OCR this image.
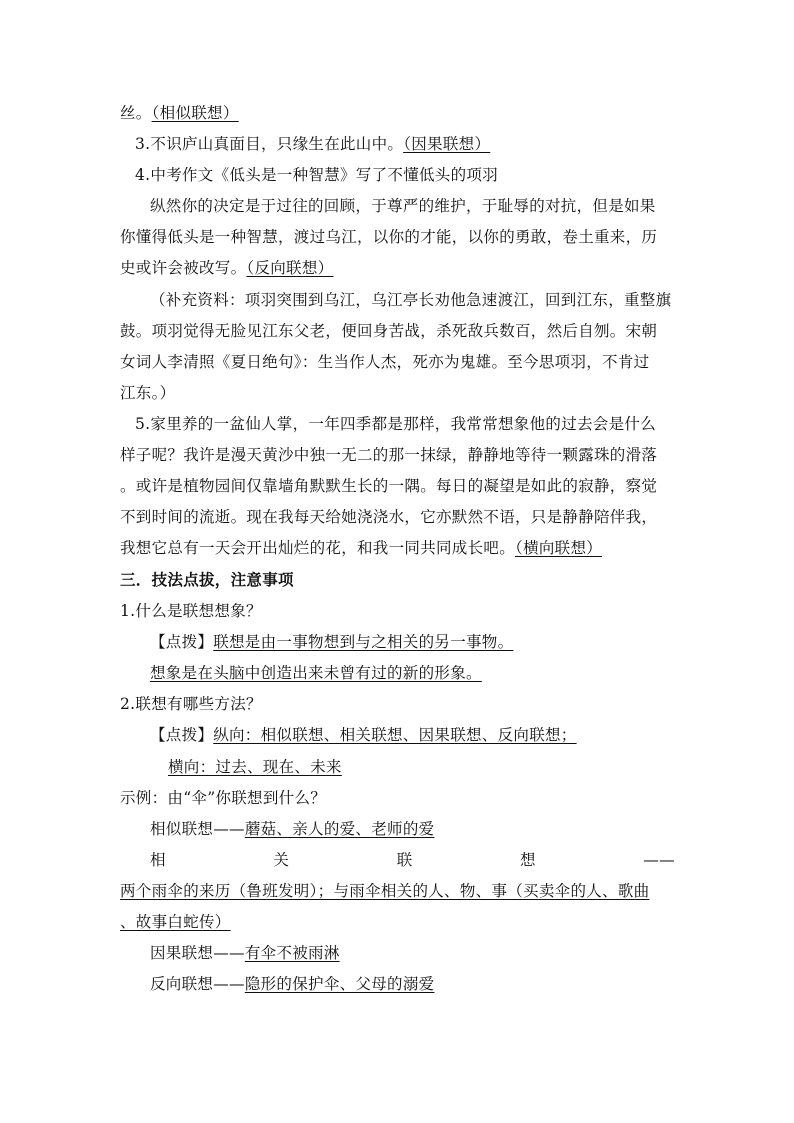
丝。（相似联想）
3.不识庐山真面目，只缘生在此山中。（因果联想）
4.中考作文《低头是一种智慧》写了不懂低头的项羽
纵然你的决定是于过往的回顾，于尊严的维护，于耻辱的对抗，但是如果
你懂得低头是一种智慧，渡过乌江，以你的才能，以你的勇敢，卷土重来，历
史或许会被改写。（反向联想）
（补充资料：项羽突围到乌江，乌江亭长劝他急速渡江，回到江东，重整旗
鼓。项羽觉得无脸见江东父老，便回身苦战，杀死敌兵数百，然后自刎。宋朝
女词人李清照《夏日绝句》：生当作人杰，死亦为鬼雄。至今思项羽，不肯过
江东。）
5.家里养的一盆仙人掌，一年四季都是那样，我常常想象他的过去会是什么
样子呢？我许是漫天黄沙中独一无二的那一抹绿，静静地等待一颗露珠的滑落
。或许是植物园间仅靠墙角默默生长的一隅。每日的凝望是如此的寂静，察觉
不到时间的流逝。现在我每天给她浇浇水，它亦默然不语，只是静静陪伴我，
我想它总有一天会开出灿烂的花，和我一同共同成长吧。（横向联想）
三．技法点拔，注意事项
1.什么是联想想象？
【点拨】联想是由一事物想到与之相关的另一事物。
想象是在头脑中创造出来未曾有过的新的形象。
2.联想有哪些方法？
【点拨】纵向：相似联想、相关联想、因果联想、反向联想；
横向：过去、现在、未来
示例：由“伞”你联想到什么？
相似联想——蘑菇、亲人的爱、老师的爱
相	关	联	想	——
两个雨伞的来历（鲁班发明）；与雨伞相关的人、物、事（买卖伞的人、歌曲
、故事白蛇传）
因果联想——有伞不被雨淋
反向联想——隐形的保护伞、父母的溺爱
